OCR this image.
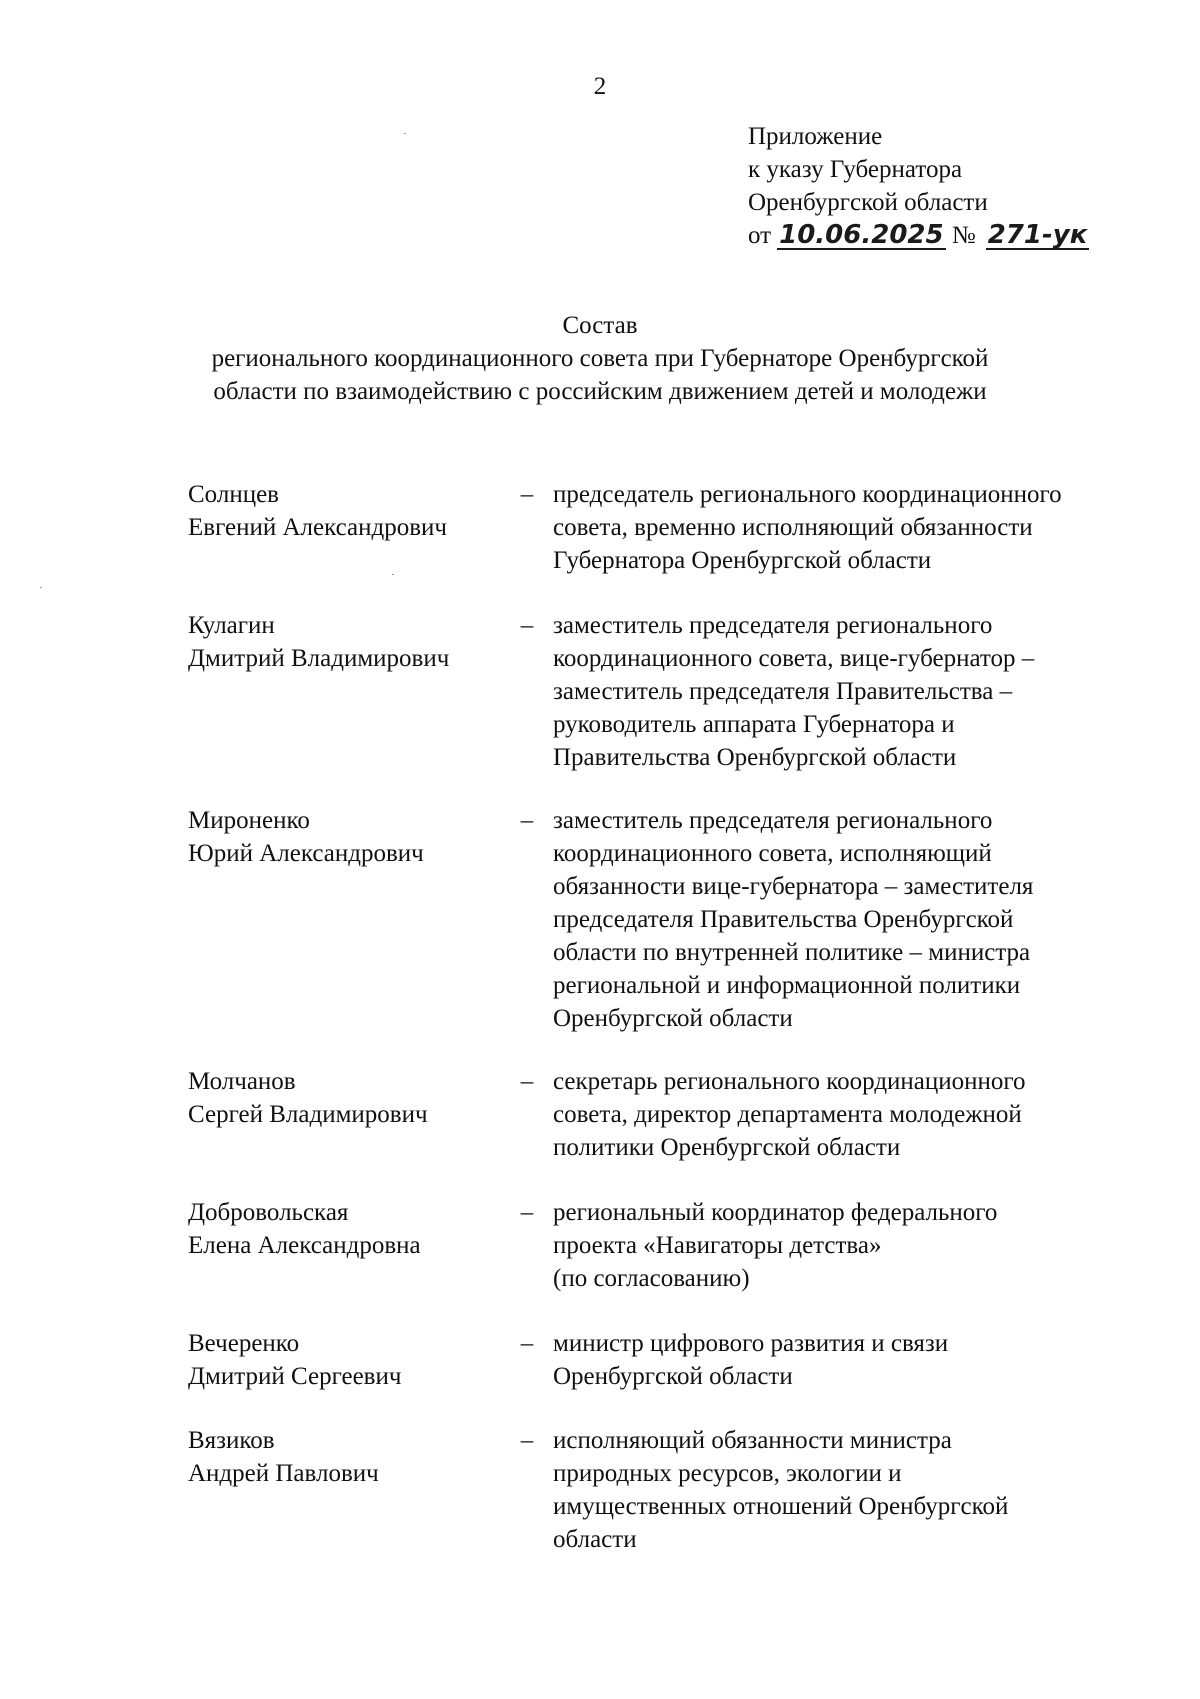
2
Приложение
к указу Губернатора
Оренбургской области
от 10.06.2025 № 271-ук
Состав
регионального координационного совета при Губернаторе Оренбургской
области по взаимодействию с российским движением детей и молодежи
Солнцев
Евгений Александрович
– председатель регионального координационного
совета, временно исполняющий обязанности
Губернатора Оренбургской области
Кулагин
Дмитрий Владимирович
– заместитель председателя регионального
координационного совета, вице-губернатор –
заместитель председателя Правительства –
руководитель аппарата Губернатора и
Правительства Оренбургской области
Мироненко
Юрий Александрович
– заместитель председателя регионального
координационного совета, исполняющий
обязанности вице-губернатора – заместителя
председателя Правительства Оренбургской
области по внутренней политике – министра
региональной и информационной политики
Оренбургской области
Молчанов
Сергей Владимирович
– секретарь регионального координационного
совета, директор департамента молодежной
политики Оренбургской области
Добровольская
Елена Александровна
– региональный координатор федерального
проекта «Навигаторы детства»
(по согласованию)
Вечеренко
Дмитрий Сергеевич
– министр цифрового развития и связи
Оренбургской области
Вязиков
Андрей Павлович
– исполняющий обязанности министра
природных ресурсов, экологии и
имущественных отношений Оренбургской
области
